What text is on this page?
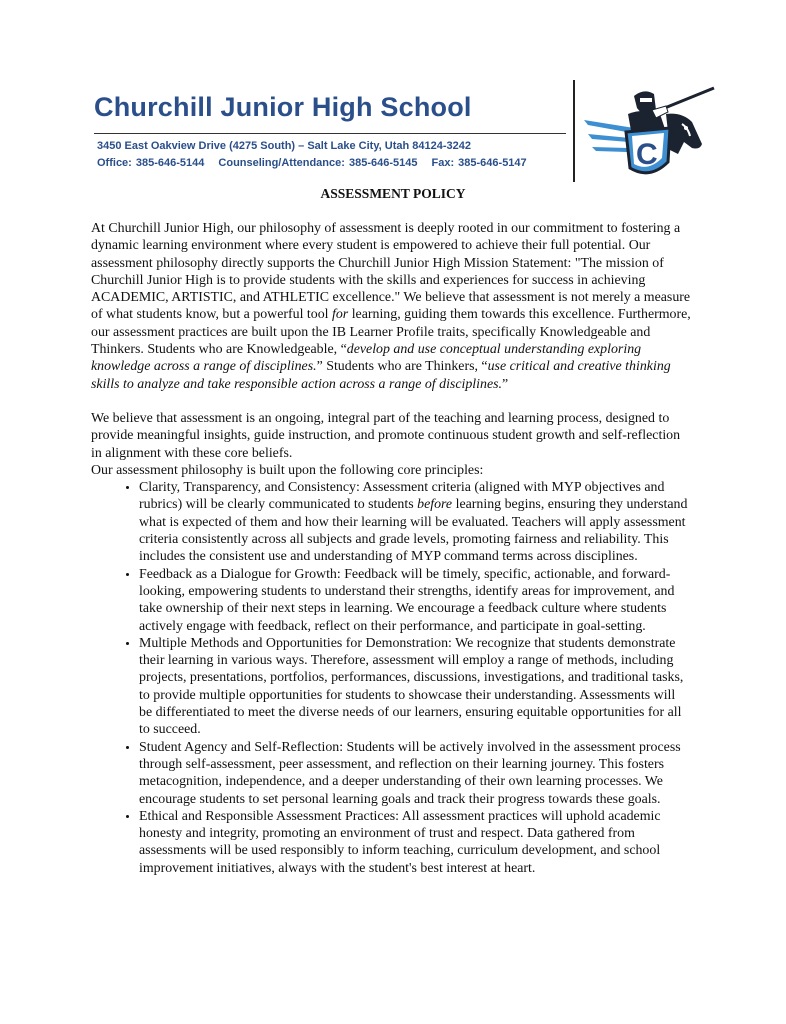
Churchill Junior High School
3450 East Oakview Drive (4275 South) – Salt Lake City, Utah 84124-3242
Office: 385-646-5144 Counseling/Attendance: 385-646-5145 Fax: 385-646-5147	C
ASSESSMENT POLICY

At Churchill Junior High, our philosophy of assessment is deeply rooted in our commitment to fostering a dynamic learning environment where every student is empowered to achieve their full potential. Our assessment philosophy directly supports the Churchill Junior High Mission Statement: "The mission of Churchill Junior High is to provide students with the skills and experiences for success in achieving ACADEMIC, ARTISTIC, and ATHLETIC excellence." We believe that assessment is not merely a measure of what students know, but a powerful tool for learning, guiding them towards this excellence. Furthermore, our assessment practices are built upon the IB Learner Profile traits, specifically Knowledgeable and Thinkers. Students who are Knowledgeable, “develop and use conceptual understanding exploring knowledge across a range of disciplines.” Students who are Thinkers, “use critical and creative thinking skills to analyze and take responsible action across a range of disciplines.”

We believe that assessment is an ongoing, integral part of the teaching and learning process, designed to provide meaningful insights, guide instruction, and promote continuous student growth and self-reflection in alignment with these core beliefs.

Our assessment philosophy is built upon the following core principles:

• Clarity, Transparency, and Consistency: Assessment criteria (aligned with MYP objectives and rubrics) will be clearly communicated to students before learning begins, ensuring they understand what is expected of them and how their learning will be evaluated. Teachers will apply assessment criteria consistently across all subjects and grade levels, promoting fairness and reliability. This includes the consistent use and understanding of MYP command terms across disciplines.
• Feedback as a Dialogue for Growth: Feedback will be timely, specific, actionable, and forward-looking, empowering students to understand their strengths, identify areas for improvement, and take ownership of their next steps in learning. We encourage a feedback culture where students actively engage with feedback, reflect on their performance, and participate in goal-setting.
• Multiple Methods and Opportunities for Demonstration: We recognize that students demonstrate their learning in various ways. Therefore, assessment will employ a range of methods, including projects, presentations, portfolios, performances, discussions, investigations, and traditional tasks, to provide multiple opportunities for students to showcase their understanding. Assessments will be differentiated to meet the diverse needs of our learners, ensuring equitable opportunities for all to succeed.
• Student Agency and Self-Reflection: Students will be actively involved in the assessment process through self-assessment, peer assessment, and reflection on their learning journey. This fosters metacognition, independence, and a deeper understanding of their own learning processes. We encourage students to set personal learning goals and track their progress towards these goals.
• Ethical and Responsible Assessment Practices: All assessment practices will uphold academic honesty and integrity, promoting an environment of trust and respect. Data gathered from assessments will be used responsibly to inform teaching, curriculum development, and school improvement initiatives, always with the student's best interest at heart.
